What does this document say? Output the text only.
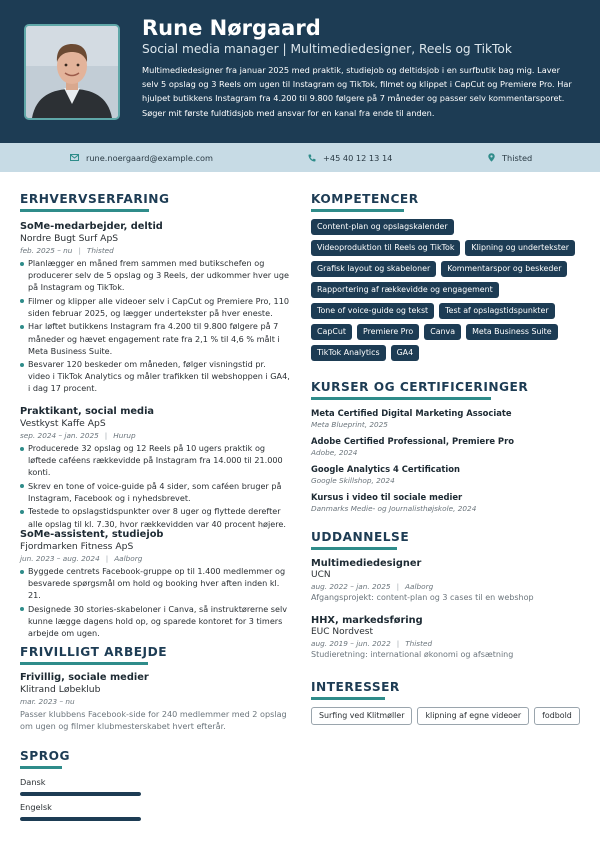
Rune Nørgaard
Social media manager | Multimediedesigner, Reels og TikTok
Multimediedesigner fra januar 2025 med praktik, studiejob og deltidsjob i en surfbutik bag mig. Laver selv 5 opslag og 3 Reels om ugen til Instagram og TikTok, filmet og klippet i CapCut og Premiere Pro. Har hjulpet butikkens Instagram fra 4.200 til 9.800 følgere på 7 måneder og passer selv kommentarsporet. Søger mit første fuldtidsjob med ansvar for en kanal fra ende til anden.
rune.noergaard@example.com	+45 40 12 13 14	Thisted
ERHVERVSERFARING
SoMe-medarbejder, deltid
Nordre Bugt Surf ApS
feb. 2025 – nu | Thisted
Planlægger en måned frem sammen med butikschefen og producerer selv de 5 opslag og 3 Reels, der udkommer hver uge på Instagram og TikTok.
Filmer og klipper alle videoer selv i CapCut og Premiere Pro, 110 siden februar 2025, og lægger undertekster på hver eneste.
Har løftet butikkens Instagram fra 4.200 til 9.800 følgere på 7 måneder og hævet engagement rate fra 2,1 % til 4,6 % målt i Meta Business Suite.
Besvarer 120 beskeder om måneden, følger visningstid pr. video i TikTok Analytics og måler trafikken til webshoppen i GA4, i dag 17 procent.
Praktikant, social media
Vestkyst Kaffe ApS
sep. 2024 – jan. 2025 | Hurup
Producerede 32 opslag og 12 Reels på 10 ugers praktik og løftede caféens rækkevidde på Instagram fra 14.000 til 21.000 konti.
Skrev en tone of voice-guide på 4 sider, som caféen bruger på Instagram, Facebook og i nyhedsbrevet.
Testede to opslagstidspunkter over 8 uger og flyttede derefter alle opslag til kl. 7.30, hvor rækkevidden var 40 procent højere.
SoMe-assistent, studiejob
Fjordmarken Fitness ApS
jun. 2023 – aug. 2024 | Aalborg
Byggede centrets Facebook-gruppe op til 1.400 medlemmer og besvarede spørgsmål om hold og booking hver aften inden kl. 21.
Designede 30 stories-skabeloner i Canva, så instruktørerne selv kunne lægge dagens hold op, og sparede kontoret for 3 timers arbejde om ugen.
FRIVILLIGT ARBEJDE
Frivillig, sociale medier
Klitrand Løbeklub
mar. 2023 – nu
Passer klubbens Facebook-side for 240 medlemmer med 2 opslag om ugen og filmer klubmesterskabet hvert efterår.
SPROG
Dansk
Engelsk
KOMPETENCER
Content-plan og opslagskalender
Videoproduktion til Reels og TikTok	Klipning og undertekster
Grafisk layout og skabeloner	Kommentarspor og beskeder
Rapportering af rækkevidde og engagement
Tone of voice-guide og tekst	Test af opslagstidspunkter
CapCut	Premiere Pro	Canva	Meta Business Suite
TikTok Analytics	GA4
KURSER OG CERTIFICERINGER
Meta Certified Digital Marketing Associate
Meta Blueprint, 2025
Adobe Certified Professional, Premiere Pro
Adobe, 2024
Google Analytics 4 Certification
Google Skillshop, 2024
Kursus i video til sociale medier
Danmarks Medie- og Journalisthøjskole, 2024
UDDANNELSE
Multimediedesigner
UCN
aug. 2022 – jan. 2025 | Aalborg
Afgangsprojekt: content-plan og 3 cases til en webshop
HHX, markedsføring
EUC Nordvest
aug. 2019 – jun. 2022 | Thisted
Studieretning: international økonomi og afsætning
INTERESSER
Surfing ved Klitmøller	klipning af egne videoer	fodbold
